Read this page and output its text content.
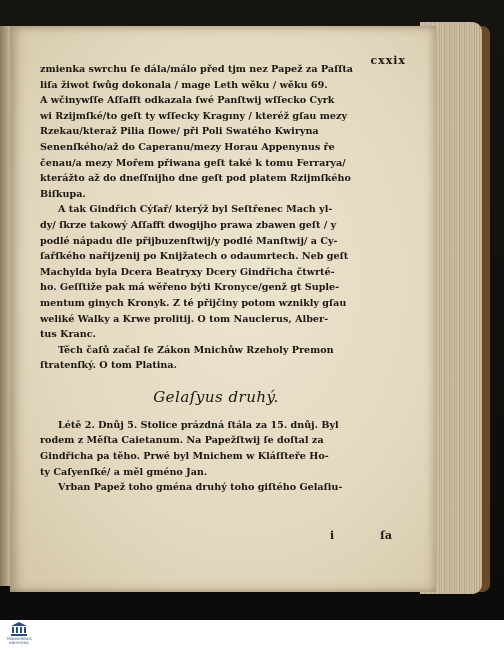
cxxix
zmienka swrchu ſe dála/málo před tjm nez Papež za Paſſta
liſa žiwot ſwůg dokonala / mage Leth wěku / wěku 69.
A wčinywſſe Aſſafft odkazala ſwé Panſtwij wſſecko Cyrk
wi Rzijmſké/to geſt ty wſſecky Kragıny / kteréž gſau mezy
Rzekau/kteraž Pilia ſlowe/ při Poli Swatého Kwiryna
Senenſkého/až do Caperanu/mezy Horau Appenynus ře
čenau/a mezy Mořem přiwana geſt také k tomu Ferrarya/
kterážto až do dneſſnijho dne geſt pod platem Rzijmſkého
Biſkupa.
A tak Gindřich Cýſař/ kterýž byl Seſtřenec Mach yl-
dy/ ſkrze takowý Aſſafft dwogijho prawa zbawen geſt / y
podlé nápadu dle přijbuzenſtwij/y podlé Manſtwij/ a Cy-
ſařſkého nařijzenij po Knijžatech o odaumrtech. Neb geſt
Machylda byla Dcera Beatryxy Dcery Gindřicha čtwrté-
ho. Geſſtiže pak má wěřeno býti Kronyce/genž gt Suple-
mentum ginych Kronyk. Z té přijčiny potom wznikly gſau
weliké Walky a Krwe prolitij. O tom Nauclerus, Alber-
tus Kranc.
Těch čaſů začal ſe Zákon Mnichůw Rzeholy Premon
ſtratenſký. O tom Platina.
Gelaſyus druhý.
Létě 2. Dnůj 5. Stolice prázdná ſtála za 15. dnůj. Byl
rodem z Měſta Caietanum. Na Papežſtwij ſe doſtal za
Gindřicha pa těho. Prwé byl Mnichem w Kláſſteře Ho-
ty Caſyenſké/ a měl gméno Jan.
Vrban Papež toho gména druhý toho giſtého Gelaſiu-
i	ſa
TRANSKRIBUS
KNIHOVNA
